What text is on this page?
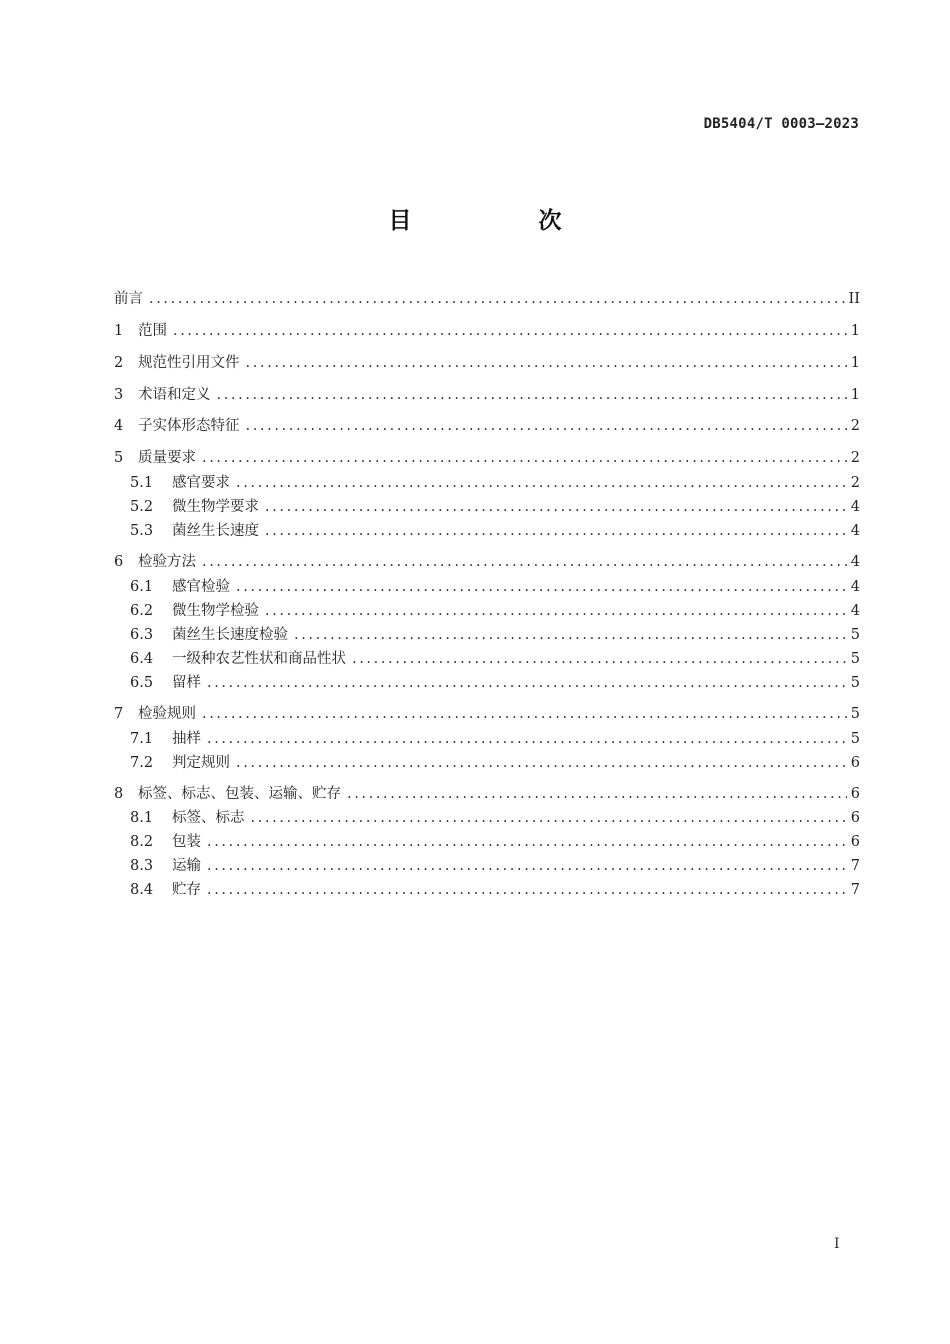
DB5404/T 0003—2023
目　次
前言 .....	II
1	范围 .....	1
2	规范性引用文件 .....	1
3	术语和定义 .....	1
4	子实体形态特征 .....	2
5	质量要求 .....	2
5.1	感官要求 .....	2
5.2	微生物学要求 .....	4
5.3	菌丝生长速度 .....	4
6	检验方法 .....	4
6.1	感官检验 .....	4
6.2	微生物学检验 .....	4
6.3	菌丝生长速度检验 .....	5
6.4	一级种农艺性状和商品性状 .....	5
6.5	留样 .....	5
7	检验规则 .....	5
7.1	抽样 .....	5
7.2	判定规则 .....	6
8	标签、标志、包装、运输、贮存 .....	6
8.1	标签、标志 .....	6
8.2	包装 .....	6
8.3	运输 .....	7
8.4	贮存 .....	7
I
